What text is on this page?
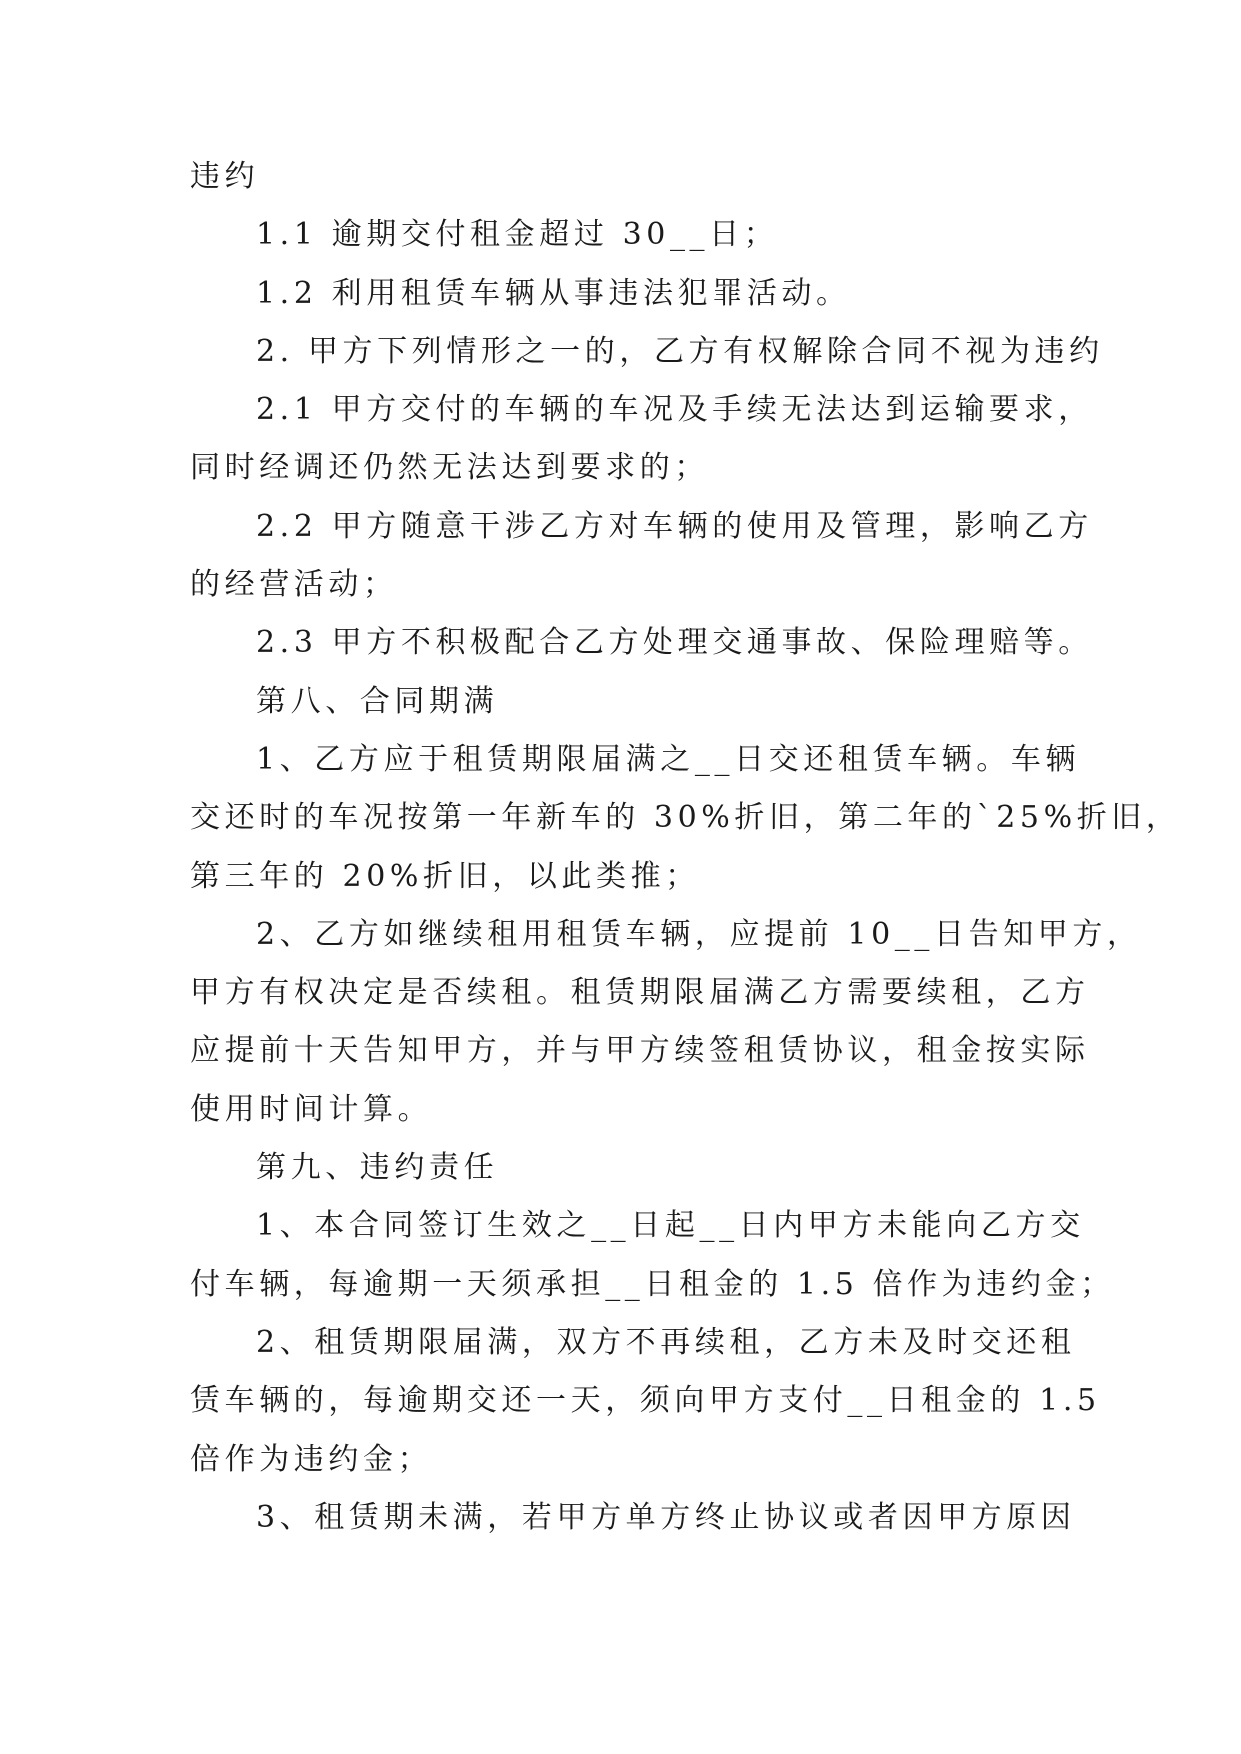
违约
1.1 逾期交付租金超过 30__日；
1.2 利用租赁车辆从事违法犯罪活动。
2. 甲方下列情形之一的，乙方有权解除合同不视为违约
2.1 甲方交付的车辆的车况及手续无法达到运输要求，
同时经调还仍然无法达到要求的；
2.2 甲方随意干涉乙方对车辆的使用及管理，影响乙方
的经营活动；
2.3 甲方不积极配合乙方处理交通事故、保险理赔等。
第八、合同期满
1、乙方应于租赁期限届满之__日交还租赁车辆。车辆
交还时的车况按第一年新车的 30%折旧，第二年的`25%折旧，
第三年的 20%折旧，以此类推；
2、乙方如继续租用租赁车辆，应提前 10__日告知甲方，
甲方有权决定是否续租。租赁期限届满乙方需要续租，乙方
应提前十天告知甲方，并与甲方续签租赁协议，租金按实际
使用时间计算。
第九、违约责任
1、本合同签订生效之__日起__日内甲方未能向乙方交
付车辆，每逾期一天须承担__日租金的 1.5 倍作为违约金；
2、租赁期限届满，双方不再续租，乙方未及时交还租
赁车辆的，每逾期交还一天，须向甲方支付__日租金的 1.5
倍作为违约金；
3、租赁期未满，若甲方单方终止协议或者因甲方原因
